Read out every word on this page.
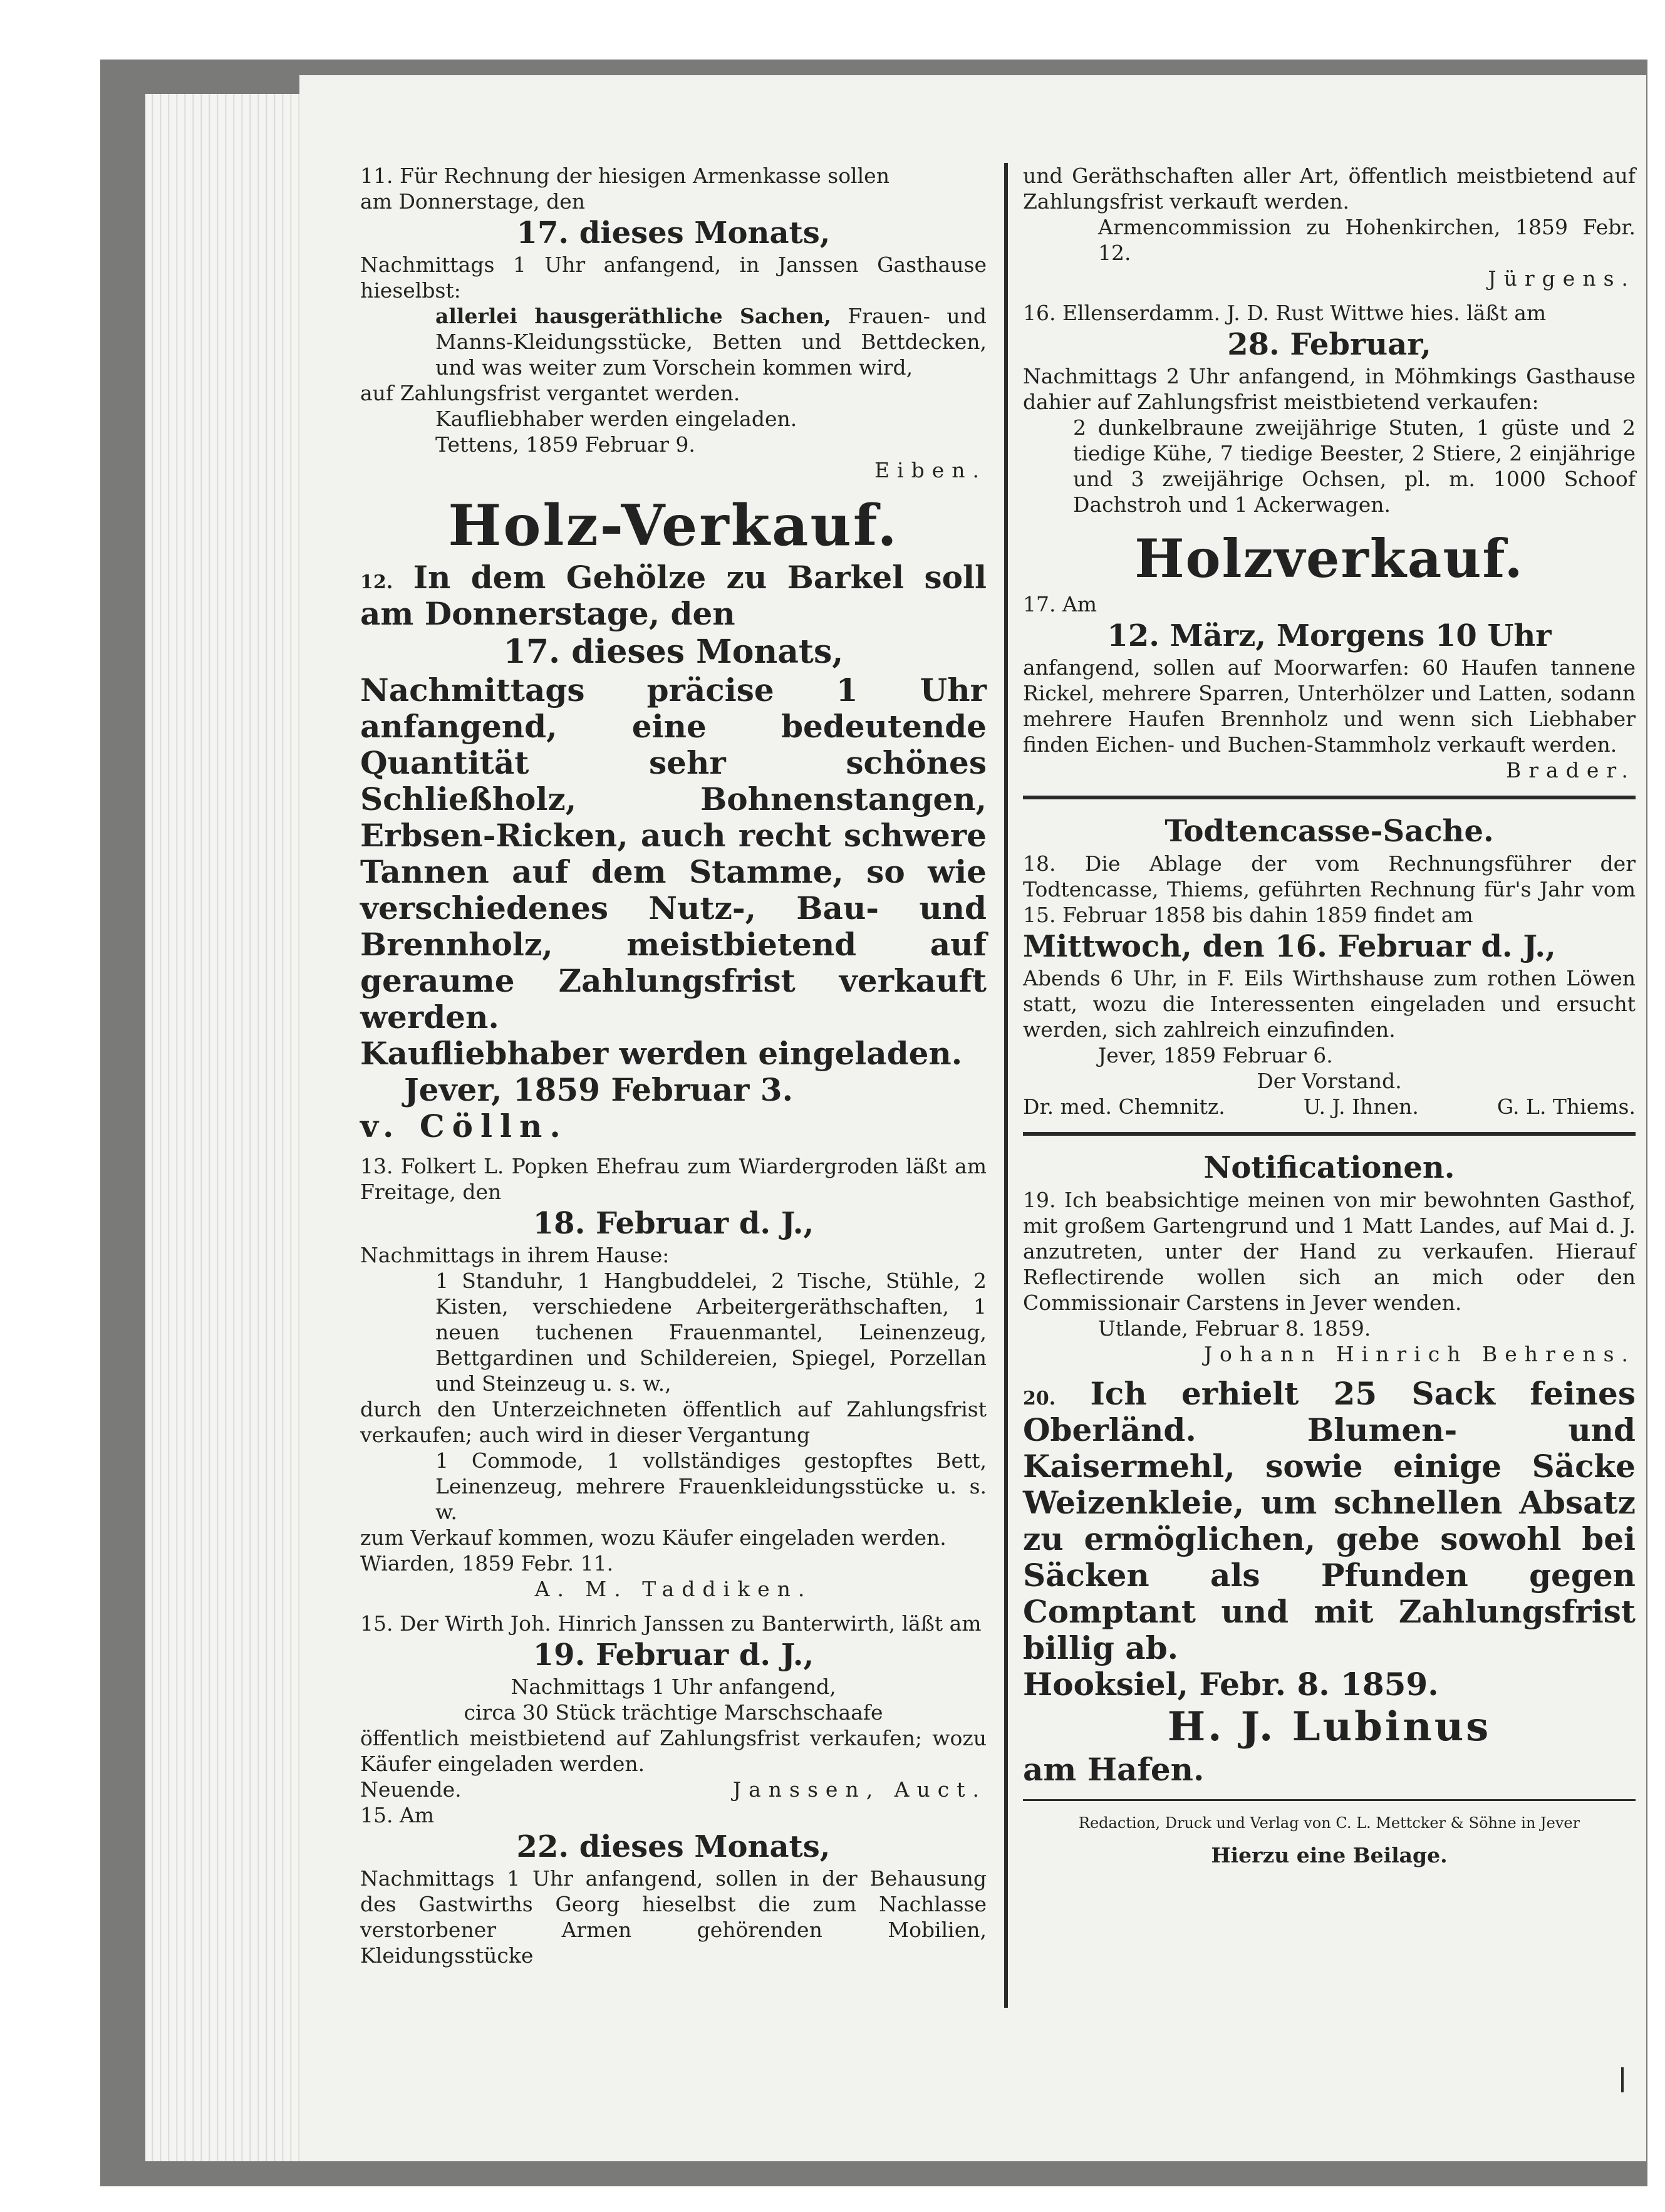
11. Für Rechnung der hiesigen Armenkasse sollen

am Donnerstage, den

17. dieses Monats,

Nachmittags 1 Uhr anfangend, in Janssen Gasthause hieselbst:

allerlei hausgeräthliche Sachen, Frauen- und Manns-Kleidungsstücke, Betten und Bettdecken, und was weiter zum Vorschein kommen wird,

auf Zahlungsfrist vergantet werden.

Kaufliebhaber werden eingeladen.

Tettens, 1859 Februar 9.

Eiben.

Holz-Verkauf.

12. In dem Gehölze zu Barkel soll am Donnerstage, den

17. dieses Monats,

Nachmittags präcise 1 Uhr anfangend, eine bedeutende Quantität sehr schönes Schließholz, Bohnenstangen, Erbsen-Ricken, auch recht schwere Tannen auf dem Stamme, so wie verschiedenes Nutz-, Bau- und Brennholz, meistbietend auf geraume Zahlungsfrist verkauft werden.

Kaufliebhaber werden eingeladen.

Jever, 1859 Februar 3.

v. Cölln.

13. Folkert L. Popken Ehefrau zum Wiardergroden läßt am Freitage, den

18. Februar d. J.,

Nachmittags in ihrem Hause:

1 Standuhr, 1 Hangbuddelei, 2 Tische, Stühle, 2 Kisten, verschiedene Arbeitergeräthschaften, 1 neuen tuchenen Frauenmantel, Leinenzeug, Bettgardinen und Schildereien, Spiegel, Porzellan und Steinzeug u. s. w.,

durch den Unterzeichneten öffentlich auf Zahlungsfrist verkaufen; auch wird in dieser Vergantung

1 Commode, 1 vollständiges gestopftes Bett, Leinenzeug, mehrere Frauenkleidungsstücke u. s. w.

zum Verkauf kommen, wozu Käufer eingeladen werden.

Wiarden, 1859 Febr. 11.

A. M. Taddiken.

15. Der Wirth Joh. Hinrich Janssen zu Banterwirth, läßt am

19. Februar d. J.,

Nachmittags 1 Uhr anfangend,

circa 30 Stück trächtige Marschschaafe

öffentlich meistbietend auf Zahlungsfrist verkaufen; wozu Käufer eingeladen werden.

Neuende.	Janssen, Auct.

15. Am

22. dieses Monats,

Nachmittags 1 Uhr anfangend, sollen in der Behausung des Gastwirths Georg hieselbst die zum Nachlasse verstorbener Armen gehörenden Mobilien, Kleidungsstücke

und Geräthschaften aller Art, öffentlich meistbietend auf Zahlungsfrist verkauft werden.

Armencommission zu Hohenkirchen, 1859 Febr. 12.

Jürgens.

16. Ellenserdamm. J. D. Rust Wittwe hies. läßt am

28. Februar,

Nachmittags 2 Uhr anfangend, in Möhmkings Gasthause dahier auf Zahlungsfrist meistbietend verkaufen:

2 dunkelbraune zweijährige Stuten, 1 güste und 2 tiedige Kühe, 7 tiedige Beester, 2 Stiere, 2 einjährige und 3 zweijährige Ochsen, pl. m. 1000 Schoof Dachstroh und 1 Ackerwagen.

Holzverkauf.

17. Am

12. März, Morgens 10 Uhr

anfangend, sollen auf Moorwarfen: 60 Haufen tannene Rickel, mehrere Sparren, Unterhölzer und Latten, sodann mehrere Haufen Brennholz und wenn sich Liebhaber finden Eichen- und Buchen-Stammholz verkauft werden.

Brader.

Todtencasse-Sache.

18. Die Ablage der vom Rechnungsführer der Todtencasse, Thiems, geführten Rechnung für's Jahr vom 15. Februar 1858 bis dahin 1859 findet am

Mittwoch, den 16. Februar d. J.,

Abends 6 Uhr, in F. Eils Wirthshause zum rothen Löwen statt, wozu die Interessenten eingeladen und ersucht werden, sich zahlreich einzufinden.

Jever, 1859 Februar 6.

Der Vorstand.

Dr. med. Chemnitz.	U. J. Ihnen.	G. L. Thiems.

Notificationen.

19. Ich beabsichtige meinen von mir bewohnten Gasthof, mit großem Gartengrund und 1 Matt Landes, auf Mai d. J. anzutreten, unter der Hand zu verkaufen. Hierauf Reflectirende wollen sich an mich oder den Commissionair Carstens in Jever wenden.

Utlande, Februar 8. 1859.

Johann Hinrich Behrens.

20. Ich erhielt 25 Sack feines Oberländ. Blumen- und Kaisermehl, sowie einige Säcke Weizenkleie, um schnellen Absatz zu ermöglichen, gebe sowohl bei Säcken als Pfunden gegen Comptant und mit Zahlungsfrist billig ab.

Hooksiel, Febr. 8. 1859.

H. J. Lubinus

am Hafen.

Redaction, Druck und Verlag von C. L. Mettcker & Söhne in Jever

Hierzu eine Beilage.
